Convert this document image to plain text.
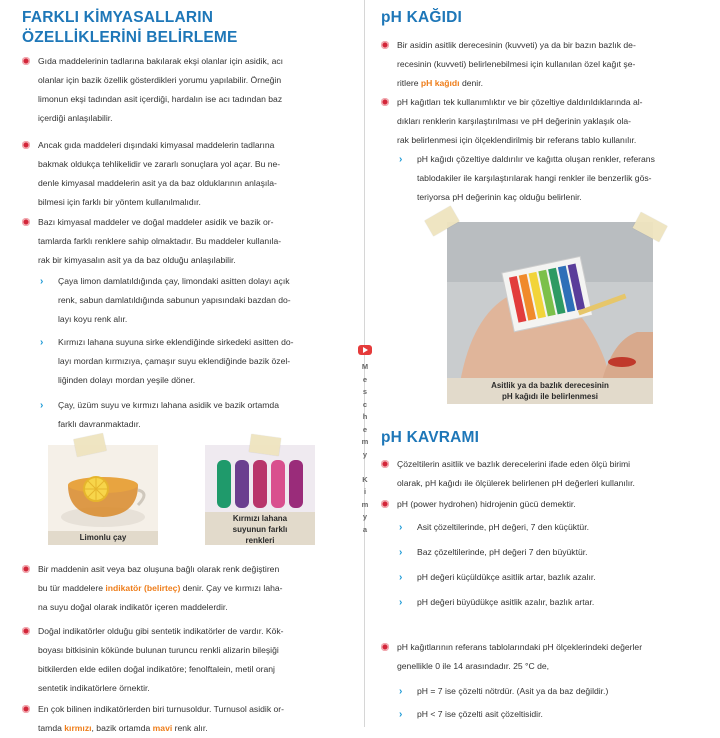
FARKLI KİMYASALLARIN
ÖZELLİKLERİNİ BELİRLEME
Gıda maddelerinin tadlarına bakılarak ekşi olanlar için asidik, acı
olanlar için bazik özellik gösterdikleri yorumu yapılabilir. Örneğin
limonun ekşi tadından asit içerdiği, hardalın ise acı tadından baz
içerdiği anlaşılabilir.
Ancak gıda maddeleri dışındaki kimyasal maddelerin tadlarına
bakmak oldukça tehlikelidir ve zararlı sonuçlara yol açar. Bu ne-
denle kimyasal maddelerin asit ya da baz olduklarının anlaşıla-
bilmesi için farklı bir yöntem kullanılmalıdır.
Bazı kimyasal maddeler ve doğal maddeler asidik ve bazik or-
tamlarda farklı renklere sahip olmaktadır. Bu maddeler kullanıla-
rak bir kimyasalın asit ya da baz olduğu anlaşılabilir.
› Çaya limon damlatıldığında çay, limondaki asitten dolayı açık
renk, sabun damlatıldığında sabunun yapısındaki bazdan do-
layı koyu renk alır.
› Kırmızı lahana suyuna sirke eklendiğinde sirkedeki asitten do-
layı mordan kırmızıya, çamaşır suyu eklendiğinde bazik özel-
liğinden dolayı mordan yeşile döner.
› Çay, üzüm suyu ve kırmızı lahana asidik ve bazik ortamda
farklı davranmaktadır.
Limonlu çay
Kırmızı lahana
suyunun farklı
renkleri
Bir maddenin asit veya baz oluşuna bağlı olarak renk değiştiren
bu tür maddelere indikatör (belirteç) denir. Çay ve kırmızı laha-
na suyu doğal olarak indikatör içeren maddelerdir.
Doğal indikatörler olduğu gibi sentetik indikatörler de vardır. Kök-
boyası bitkisinin kökünde bulunan turuncu renkli alizarin bileşiği
bitkilerden elde edilen doğal indikatöre; fenolftalein, metil oranj
sentetik indikatörlere örnektir.
En çok bilinen indikatörlerden biri turnusoldur. Turnusol asidik or-
tamda kırmızı, bazik ortamda mavi renk alır.
M
e
s
c
h
e
m
y
K
i
m
y
a
pH KAĞIDI
Bir asidin asitlik derecesinin (kuvveti) ya da bir bazın bazlık de-
recesinin (kuvveti) belirlenebilmesi için kullanılan özel kağıt şe-
ritlere pH kağıdı denir.
pH kağıtları tek kullanımlıktır ve bir çözeltiye daldırıldıklarında al-
dıkları renklerin karşılaştırılması ve pH değerinin yaklaşık ola-
rak belirlenmesi için ölçeklendirilmiş bir referans tablo kullanılır.
› pH kağıdı çözeltiye daldırılır ve kağıtta oluşan renkler, referans
tablodakiler ile karşılaştırılarak hangi renkler ile benzerlik gös-
teriyorsa pH değerinin kaç olduğu belirlenir.
Asitlik ya da bazlık derecesinin
pH kağıdı ile belirlenmesi
pH KAVRAMI
Çözeltilerin asitlik ve bazlık derecelerini ifade eden ölçü birimi
olarak, pH kağıdı ile ölçülerek belirlenen pH değerleri kullanılır.
pH (power hydrohen) hidrojenin gücü demektir.
› Asit çözeltilerinde, pH değeri, 7 den küçüktür.
› Baz çözeltilerinde, pH değeri 7 den büyüktür.
› pH değeri küçüldükçe asitlik artar, bazlık azalır.
› pH değeri büyüdükçe asitlik azalır, bazlık artar.
pH kağıtlarının referans tablolarındaki pH ölçeklerindeki değerler
genellikle 0 ile 14 arasındadır. 25 °C de,
› pH = 7 ise çözelti nötrdür. (Asit ya da baz değildir.)
› pH < 7 ise çözelti asit çözeltisidir.
